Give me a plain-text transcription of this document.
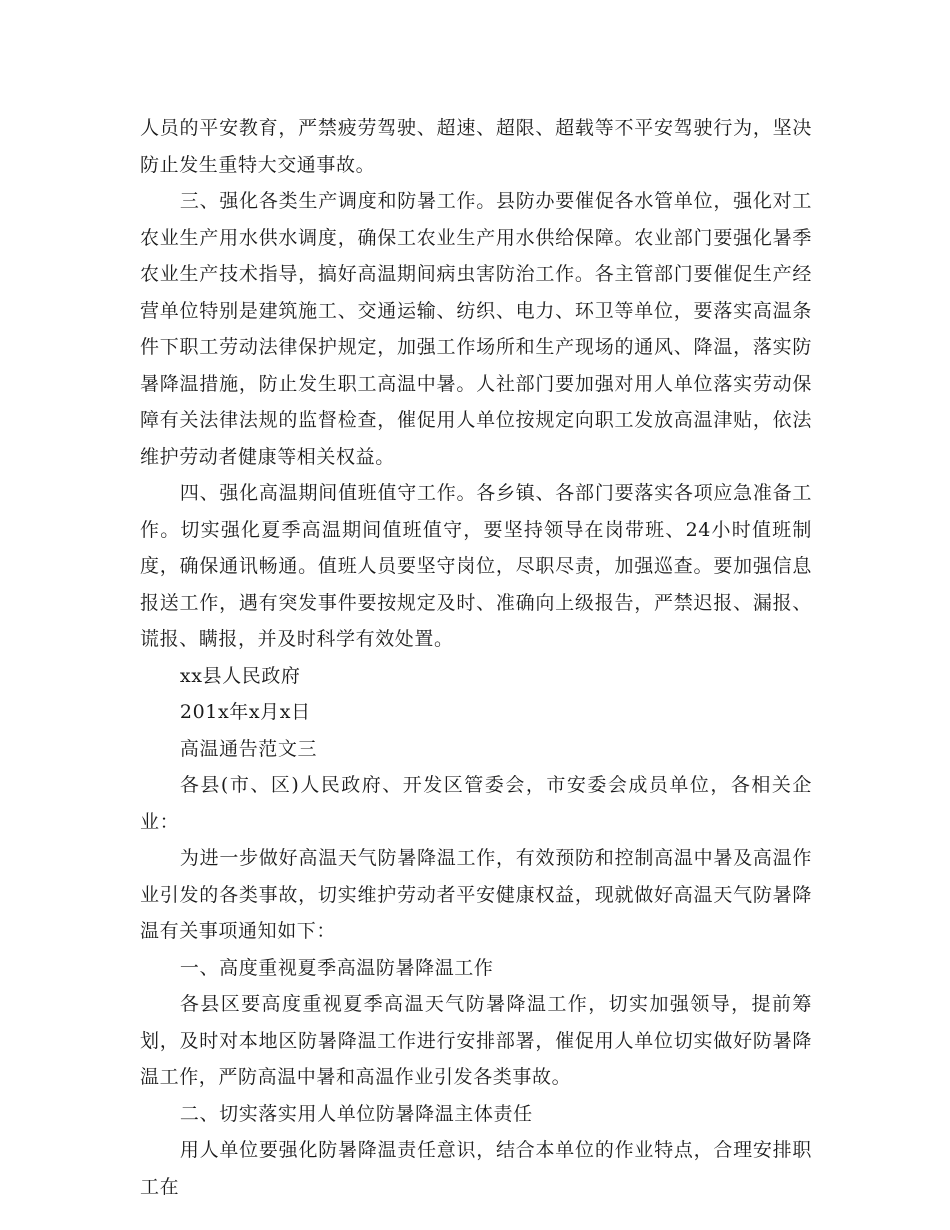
人员的平安教育，严禁疲劳驾驶、超速、超限、超载等不平安驾驶行为，坚决防止发生重特大交通事故。

三、强化各类生产调度和防暑工作。县防办要催促各水管单位，强化对工农业生产用水供水调度，确保工农业生产用水供给保障。农业部门要强化暑季农业生产技术指导，搞好高温期间病虫害防治工作。各主管部门要催促生产经营单位特别是建筑施工、交通运输、纺织、电力、环卫等单位，要落实高温条件下职工劳动法律保护规定，加强工作场所和生产现场的通风、降温，落实防暑降温措施，防止发生职工高温中暑。人社部门要加强对用人单位落实劳动保障有关法律法规的监督检查，催促用人单位按规定向职工发放高温津贴，依法维护劳动者健康等相关权益。

四、强化高温期间值班值守工作。各乡镇、各部门要落实各项应急准备工作。切实强化夏季高温期间值班值守，要坚持领导在岗带班、24小时值班制度，确保通讯畅通。值班人员要坚守岗位，尽职尽责，加强巡查。要加强信息报送工作，遇有突发事件要按规定及时、准确向上级报告，严禁迟报、漏报、谎报、瞒报，并及时科学有效处置。

xx县人民政府

201x年x月x日

高温通告范文三

各县(市、区)人民政府、开发区管委会，市安委会成员单位，各相关企业：

为进一步做好高温天气防暑降温工作，有效预防和控制高温中暑及高温作业引发的各类事故，切实维护劳动者平安健康权益，现就做好高温天气防暑降温有关事项通知如下：

一、高度重视夏季高温防暑降温工作

各县区要高度重视夏季高温天气防暑降温工作，切实加强领导，提前筹划，及时对本地区防暑降温工作进行安排部署，催促用人单位切实做好防暑降温工作，严防高温中暑和高温作业引发各类事故。

二、切实落实用人单位防暑降温主体责任

用人单位要强化防暑降温责任意识，结合本单位的作业特点，合理安排职工在
